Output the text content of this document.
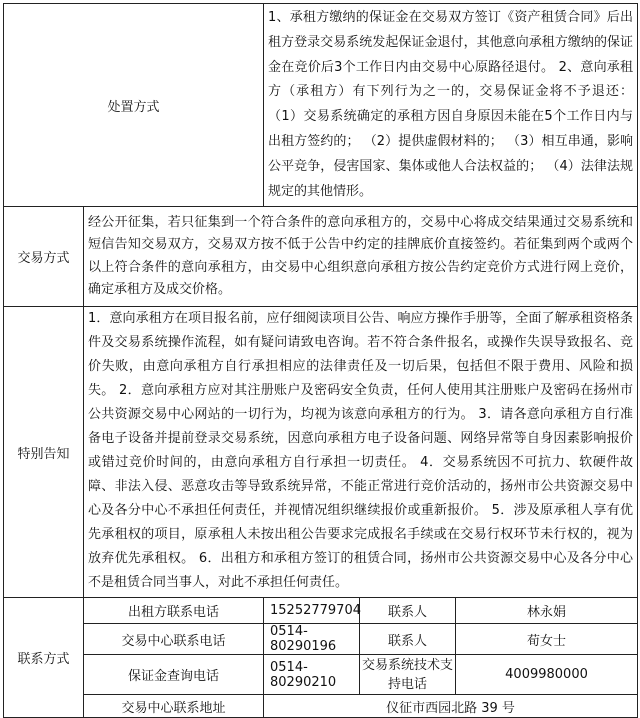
处置方式		1、承租方缴纳的保证金在交易双方签订《资产租赁合同》后出租方登录交易系统发起保证金退付，其他意向承租方缴纳的保证金在竞价后3个工作日内由交易中心原路径退付。 2、意向承租方（承租方）有下列行为之一的，交易保证金将不予退还： （1）交易系统确定的承租方因自身原因未能在5个工作日内与出租方签约的； （2）提供虚假材料的； （3）相互串通，影响公平竞争，侵害国家、集体或他人合法权益的； （4）法律法规规定的其他情形。		
交易方式	经公开征集，若只征集到一个符合条件的意向承租方的，交易中心将成交结果通过交易系统和短信告知交易双方，交易双方按不低于公告中约定的挂牌底价直接签约。若征集到两个或两个以上符合条件的意向承租方，由交易中心组织意向承租方按公告约定竞价方式进行网上竞价，确定承租方及成交价格。			
特别告知	1．意向承租方在项目报名前，应仔细阅读项目公告、响应方操作手册等，全面了解承租资格条件及交易系统操作流程，如有疑问请致电咨询。若不符合条件报名，或操作失误导致报名、竞价失败，由意向承租方自行承担相应的法律责任及一切后果，包括但不限于费用、风险和损失。 2．意向承租方应对其注册账户及密码安全负责，任何人使用其注册账户及密码在扬州市公共资源交易中心网站的一切行为，均视为该意向承租方的行为。 3．请各意向承租方自行准备电子设备并提前登录交易系统，因意向承租方电子设备问题、网络异常等自身因素影响报价或错过竞价时间的，由意向承租方自行承担一切责任。 4．交易系统因不可抗力、软硬件故障、非法入侵、恶意攻击等导致系统异常，不能正常进行竞价活动的，扬州市公共资源交易中心及各分中心不承担任何责任，并视情况组织继续报价或重新报价。 5．涉及原承租人享有优先承租权的项目，原承租人未按出租公告要求完成报名手续或在交易行权环节未行权的，视为放弃优先承租权。 6．出租方和承租方签订的租赁合同，扬州市公共资源交易中心及各分中心不是租赁合同当事人，对此不承担任何责任。			
联系方式	出租方联系电话	15252779704	联系人	林永娟
	交易中心联系电话	0514-80290196	联系人	荀女士
	保证金查询电话	0514-80290210	交易系统技术支持电话	4009980000
	交易中心联系地址	仪征市西园北路 39 号		
